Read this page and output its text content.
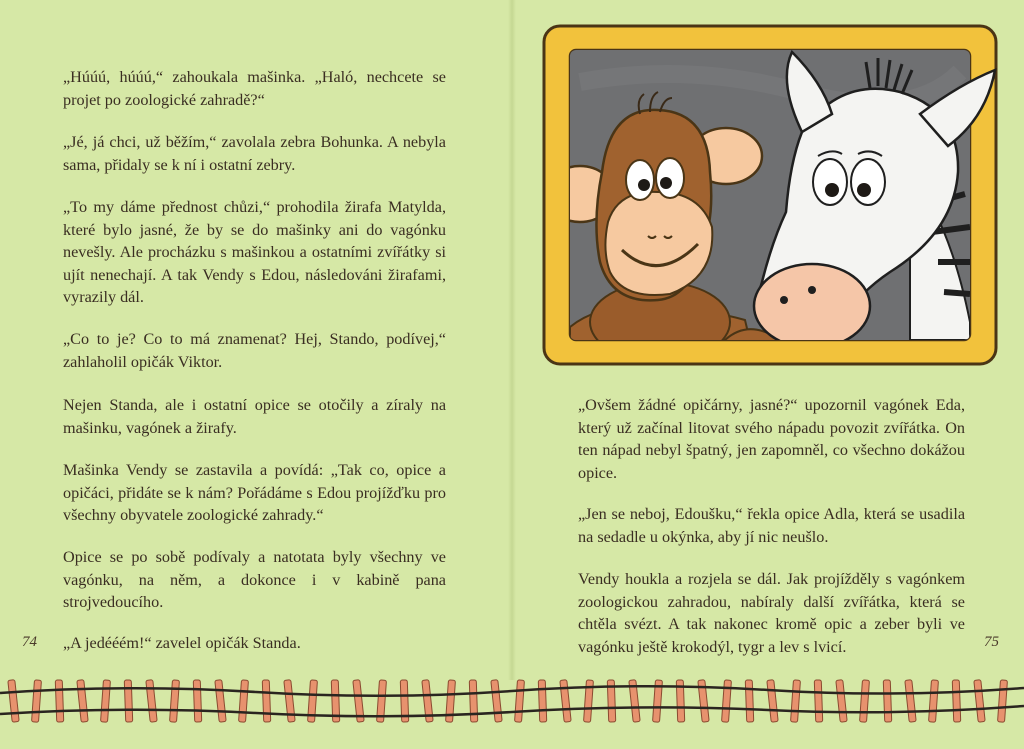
„Húúú, húúú,“ zahoukala mašinka. „Haló, nechcete se projet po zoologické zahradě?“

„Jé, já chci, už běžím,“ zavolala zebra Bohunka. A nebyla sama, přidaly se k ní i ostatní zebry.

„To my dáme přednost chůzi,“ prohodila žirafa Matylda, které bylo jasné, že by se do mašinky ani do vagónku nevešly. Ale procházku s mašinkou a ostatními zvířátky si ujít nenechají. A tak Vendy s Edou, následováni žirafami, vyrazily dál.

„Co to je? Co to má znamenat? Hej, Stando, podívej,“ zahlaholil opičák Viktor.

Nejen Standa, ale i ostatní opice se otočily a zíraly na mašinku, vagónek a žirafy.

Mašinka Vendy se zastavila a povídá: „Tak co, opice a opičáci, přidáte se k nám? Pořádáme s Edou projížďku pro všechny obyvatele zoologické zahrady.“

Opice se po sobě podívaly a natotata byly všechny ve vagónku, na něm, a dokonce i v kabině pana strojvedoucího.

„A jedééém!“ zavelel opičák Standa.

74

„Ovšem žádné opičárny, jasné?“ upozornil vagónek Eda, který už začínal litovat svého nápadu povozit zvířátka. On ten nápad nebyl špatný, jen zapomněl, co všechno dokážou opice.

„Jen se neboj, Edoušku,“ řekla opice Adla, která se usadila na sedadle u okýnka, aby jí nic neušlo.

Vendy houkla a rozjela se dál. Jak projížděly s vagónkem zoologickou zahradou, nabíraly další zvířátka, která se chtěla svézt. A tak nakonec kromě opic a zeber byli ve vagónku ještě krokodýl, tygr a lev s lvicí.	75
